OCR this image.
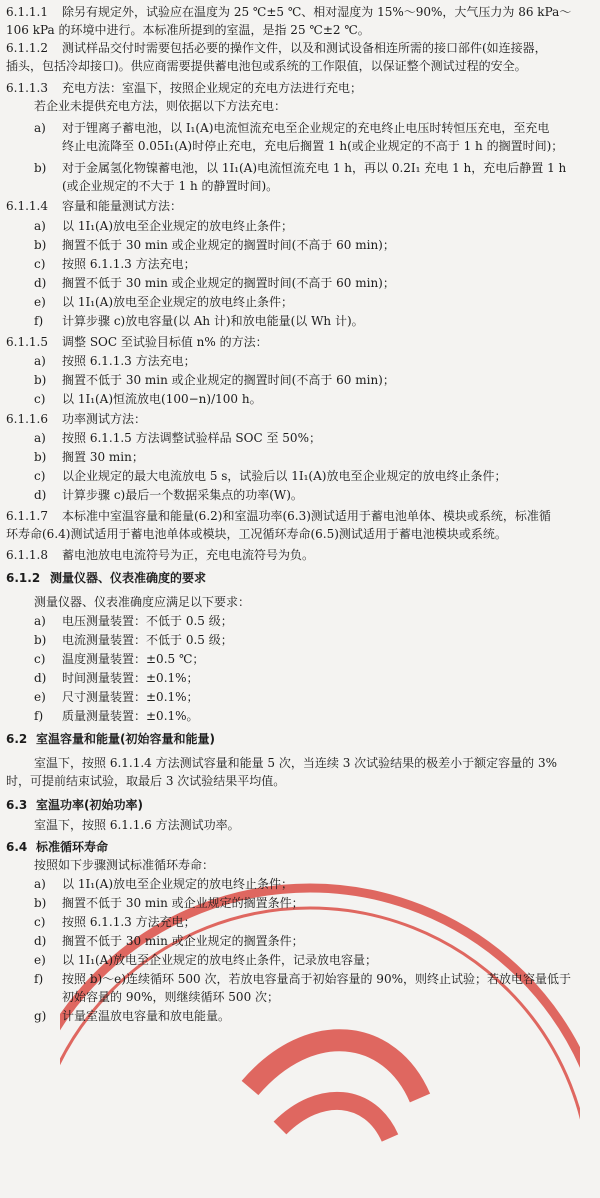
6.1.1.1 除另有规定外，试验应在温度为 25 ℃±5 ℃、相对湿度为 15%～90%，大气压力为 86 kPa～
106 kPa 的环境中进行。本标准所提到的室温，是指 25 ℃±2 ℃。
6.1.1.2 测试样品交付时需要包括必要的操作文件，以及和测试设备相连所需的接口部件(如连接器，
插头，包括冷却接口)。供应商需要提供蓄电池包或系统的工作限值，以保证整个测试过程的安全。
6.1.1.3 充电方法：室温下，按照企业规定的充电方法进行充电；
若企业未提供充电方法，则依据以下方法充电：
a) 对于锂离子蓄电池，以 I₁(A)电流恒流充电至企业规定的充电终止电压时转恒压充电，至充电
终止电流降至 0.05I₁(A)时停止充电，充电后搁置 1 h(或企业规定的不高于 1 h 的搁置时间)；
b) 对于金属氢化物镍蓄电池，以 1I₁(A)电流恒流充电 1 h，再以 0.2I₁ 充电 1 h，充电后静置 1 h
(或企业规定的不大于 1 h 的静置时间)。
6.1.1.4 容量和能量测试方法：
a) 以 1I₁(A)放电至企业规定的放电终止条件；
b) 搁置不低于 30 min 或企业规定的搁置时间(不高于 60 min)；
c) 按照 6.1.1.3 方法充电；
d) 搁置不低于 30 min 或企业规定的搁置时间(不高于 60 min)；
e) 以 1I₁(A)放电至企业规定的放电终止条件；
f) 计算步骤 c)放电容量(以 Ah 计)和放电能量(以 Wh 计)。
6.1.1.5 调整 SOC 至试验目标值 n% 的方法：
a) 按照 6.1.1.3 方法充电；
b) 搁置不低于 30 min 或企业规定的搁置时间(不高于 60 min)；
c) 以 1I₁(A)恒流放电(100−n)/100 h。
6.1.1.6 功率测试方法：
a) 按照 6.1.1.5 方法调整试验样品 SOC 至 50%；
b) 搁置 30 min；
c) 以企业规定的最大电流放电 5 s，试验后以 1I₁(A)放电至企业规定的放电终止条件；
d) 计算步骤 c)最后一个数据采集点的功率(W)。
6.1.1.7 本标准中室温容量和能量(6.2)和室温功率(6.3)测试适用于蓄电池单体、模块或系统，标准循
环寿命(6.4)测试适用于蓄电池单体或模块，工况循环寿命(6.5)测试适用于蓄电池模块或系统。
6.1.1.8 蓄电池放电电流符号为正，充电电流符号为负。
6.1.2 测量仪器、仪表准确度的要求
测量仪器、仪表准确度应满足以下要求：
a) 电压测量装置：不低于 0.5 级；
b) 电流测量装置：不低于 0.5 级；
c) 温度测量装置：±0.5 ℃；
d) 时间测量装置：±0.1%；
e) 尺寸测量装置：±0.1%；
f) 质量测量装置：±0.1%。
6.2 室温容量和能量(初始容量和能量)
室温下，按照 6.1.1.4 方法测试容量和能量 5 次，当连续 3 次试验结果的极差小于额定容量的 3%
时，可提前结束试验，取最后 3 次试验结果平均值。
6.3 室温功率(初始功率)
室温下，按照 6.1.1.6 方法测试功率。
6.4 标准循环寿命
按照如下步骤测试标准循环寿命：
a) 以 1I₁(A)放电至企业规定的放电终止条件；
b) 搁置不低于 30 min 或企业规定的搁置条件；
c) 按照 6.1.1.3 方法充电；
d) 搁置不低于 30 min 或企业规定的搁置条件；
e) 以 1I₁(A)放电至企业规定的放电终止条件，记录放电容量；
f) 按照 b)～e)连续循环 500 次，若放电容量高于初始容量的 90%，则终止试验；若放电容量低于
初始容量的 90%，则继续循环 500 次；
g) 计量室温放电容量和放电能量。
